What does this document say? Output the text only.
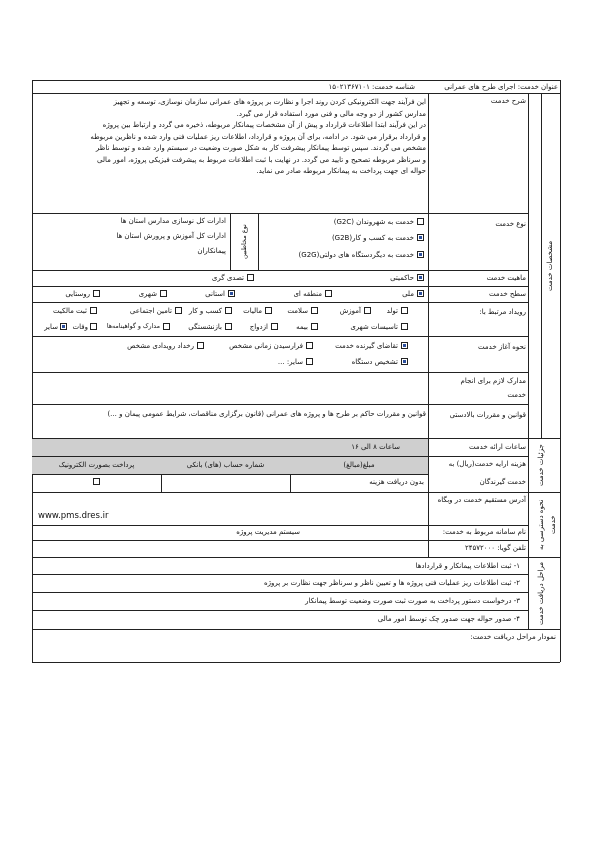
عنوان خدمت: اجرای طرح های عمرانی
شناسه خدمت: ۱۵۰۲۱۳۶۷۱۰۱
مشخصات خدمت
جزئیات خدمت
نحوه دسترسی به خدمت
مراحل دریافت خدمت
شرح خدمت
این فرآیند جهت الکترونیکی کردن روند اجرا و نظارت بر پروژه های عمرانی سازمان نوسازی، توسعه و تجهیز
مدارس کشور از دو وجه مالی و فنی مورد استفاده قرار می گیرد.
در این فرآیند ابتدا اطلاعات قرارداد و پیش از آن مشخصات پیمانکار مربوطه، ذخیره می گردد و ارتباط بین پروژه
و قرارداد برقرار می شود. در ادامه، برای آن پروژه و قرارداد، اطلاعات ریز عملیات فنی وارد شده و ناظرین مربوطه
مشخص می گردند. سپس توسط پیمانکار پیشرفت کار به شکل صورت وضعیت در سیستم وارد شده و توسط ناظر
و سرناظر مربوطه تصحیح و تایید می گردد. در نهایت با ثبت اطلاعات مربوط به پیشرفت فیزیکی پروژه، امور مالی
حواله ای جهت پرداخت به پیمانکار مربوطه صادر می نماید.
نوع خدمت
خدمت به شهروندان (G2C)
خدمت به کسب و کار(G2B)
خدمت به دیگردستگاه های دولتی(G2G)
نوع مخاطبین
ادارات کل نوسازی مدارس استان ها
ادارات کل آموزش و پرورش استان ها
پیمانکاران
ماهیت خدمت
حاکمیتی
تصدی گری
سطح خدمت
ملی
منطقه ای
استانی
شهری
روستایی
رویداد مرتبط با:
تولد
آموزش
سلامت
مالیات
کسب و کار
تامین اجتماعی
ثبت مالکیت
تاسیسات شهری
بیمه
ازدواج
بازنشستگی
مدارک و گواهینامه‌ها
وفات
سایر
نحوه آغاز خدمت
تقاضای گیرنده خدمت
فرارسیدن زمانی مشخص
رخداد رویدادی مشخص
تشخیص دستگاه
سایر: ...
مدارک لازم برای انجام
خدمت
قوانین و مقررات بالادستی
قوانین و مقررات حاکم بر طرح ها و پروژه های عمرانی (قانون برگزاری مناقصات، شرایط عمومی پیمان و ...)
ساعات ارائه خدمت
ساعات ۸ الی ۱۶
هزینه ارایه خدمت(ریال) به
خدمت گیرندگان
مبلغ(مبالغ)
شماره حساب (های) بانکی
پرداخت بصورت الکترونیک
بدون دریافت هزینه
آدرس مستقیم خدمت در وبگاه
www.pms.dres.ir
نام سامانه مربوط به خدمت:
سیستم مدیریت پروژه
تلفن گویا: ۲۴۵۷۲۰۰۰
۱- ثبت اطلاعات پیمانکار و قراردادها
۲- ثبت اطلاعات ریز عملیات فنی پروژه ها و تعیین ناظر و سرناظر جهت نظارت بر پروژه
۳- درخواست دستور پرداخت به صورت ثبت صورت وضعیت توسط پیمانکار
۴- صدور حواله جهت صدور چک توسط امور مالی
نمودار مراحل دریافت خدمت:
